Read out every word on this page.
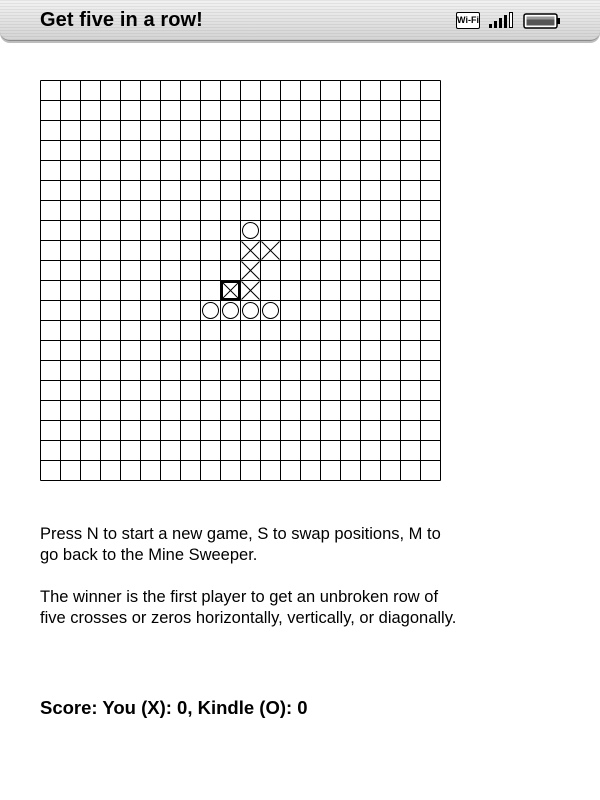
Get five in a row!	Wi-Fi

Press N to start a new game, S to swap positions, M to go back to the Mine Sweeper.

The winner is the first player to get an unbroken row of five crosses or zeros horizontally, vertically, or diagonally.

Score: You (X): 0, Kindle (O): 0
